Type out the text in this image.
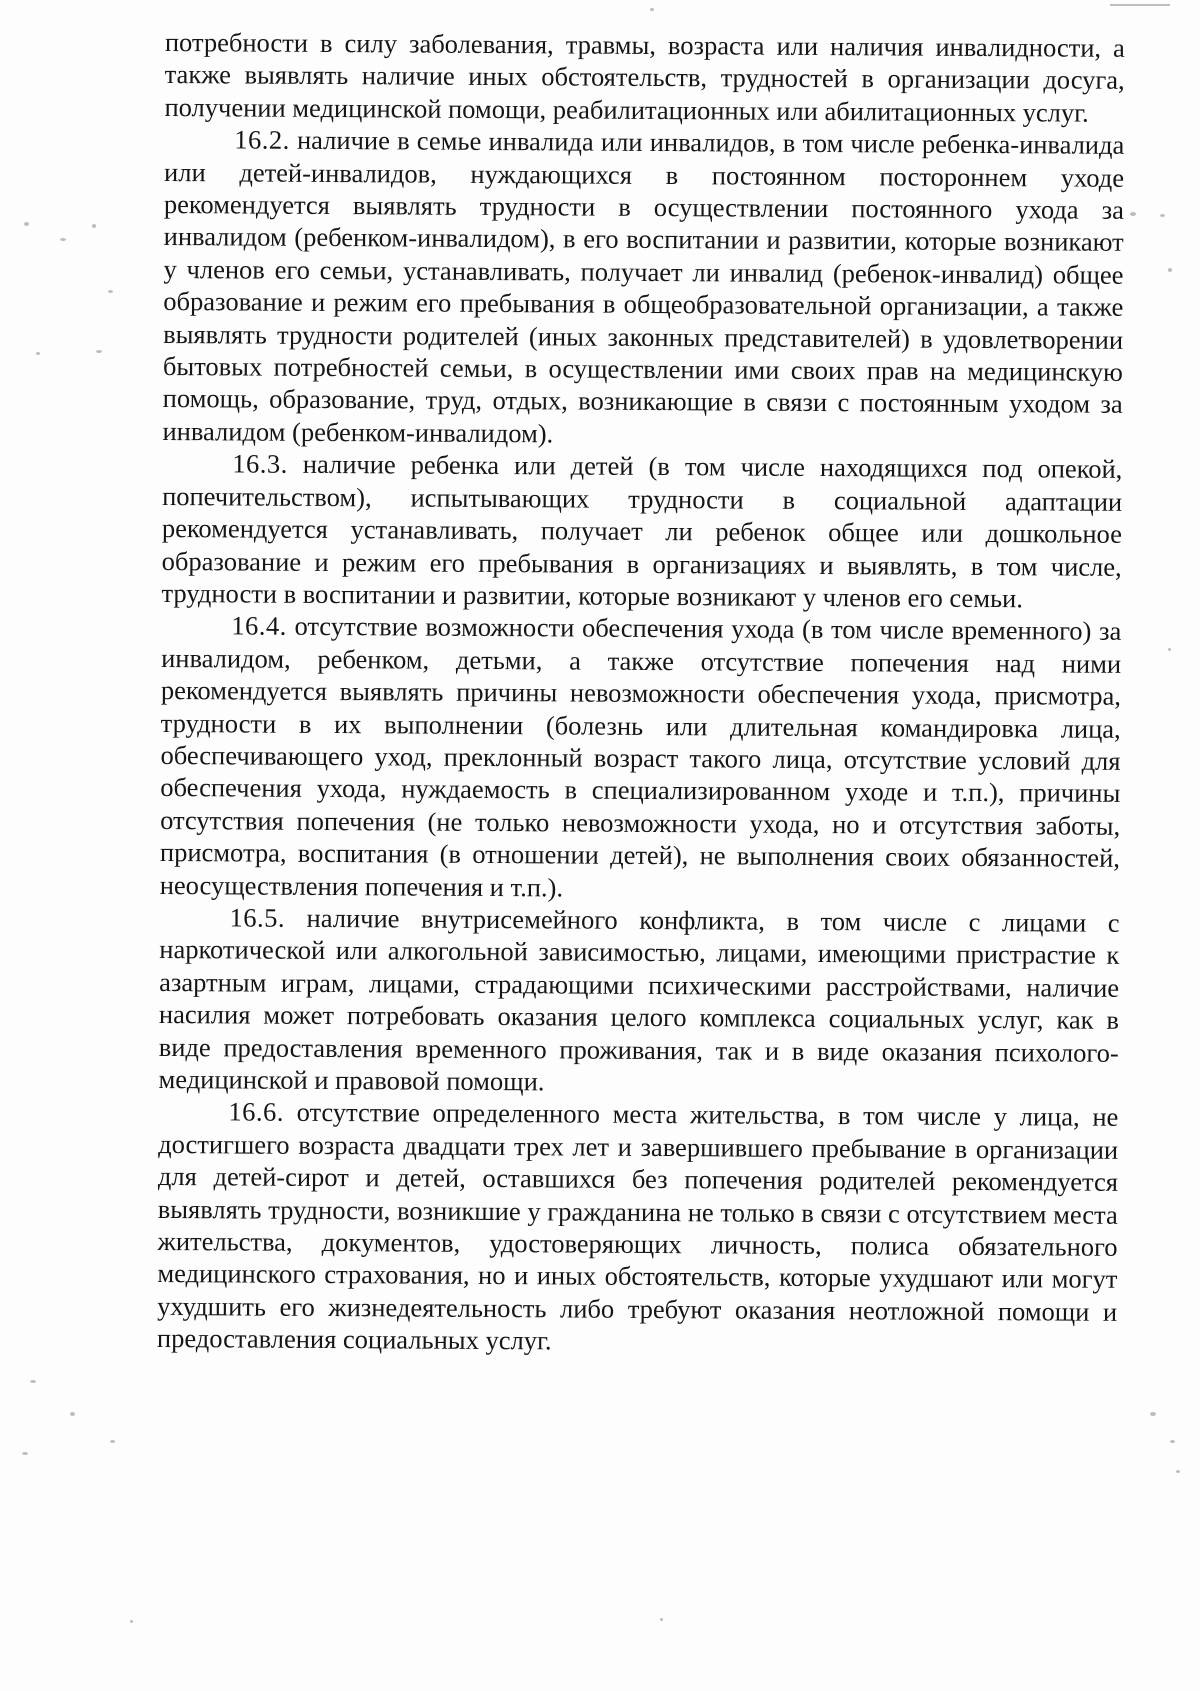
потребности в силу заболевания, травмы, возраста или наличия инвалидности, а также выявлять наличие иных обстоятельств, трудностей в организации досуга, получении медицинской помощи, реабилитационных или абилитационных услуг.

16.2. наличие в семье инвалида или инвалидов, в том числе ребенка-инвалида или детей-инвалидов, нуждающихся в постоянном постороннем уходе рекомендуется выявлять трудности в осуществлении постоянного ухода за инвалидом (ребенком-инвалидом), в его воспитании и развитии, которые возникают у членов его семьи, устанавливать, получает ли инвалид (ребенок-инвалид) общее образование и режим его пребывания в общеобразовательной организации, а также выявлять трудности родителей (иных законных представителей) в удовлетворении бытовых потребностей семьи, в осуществлении ими своих прав на медицинскую помощь, образование, труд, отдых, возникающие в связи с постоянным уходом за инвалидом (ребенком-инвалидом).

16.3. наличие ребенка или детей (в том числе находящихся под опекой, попечительством), испытывающих трудности в социальной адаптации рекомендуется устанавливать, получает ли ребенок общее или дошкольное образование и режим его пребывания в организациях и выявлять, в том числе, трудности в воспитании и развитии, которые возникают у членов его семьи.

16.4. отсутствие возможности обеспечения ухода (в том числе временного) за инвалидом, ребенком, детьми, а также отсутствие попечения над ними рекомендуется выявлять причины невозможности обеспечения ухода, присмотра, трудности в их выполнении (болезнь или длительная командировка лица, обеспечивающего уход, преклонный возраст такого лица, отсутствие условий для обеспечения ухода, нуждаемость в специализированном уходе и т.п.), причины отсутствия попечения (не только невозможности ухода, но и отсутствия заботы, присмотра, воспитания (в отношении детей), не выполнения своих обязанностей, неосуществления попечения и т.п.).

16.5. наличие внутрисемейного конфликта, в том числе с лицами с наркотической или алкогольной зависимостью, лицами, имеющими пристрастие к азартным играм, лицами, страдающими психическими расстройствами, наличие насилия может потребовать оказания целого комплекса социальных услуг, как в виде предоставления временного проживания, так и в виде оказания психолого-медицинской и правовой помощи.

16.6. отсутствие определенного места жительства, в том числе у лица, не достигшего возраста двадцати трех лет и завершившего пребывание в организации для детей-сирот и детей, оставшихся без попечения родителей рекомендуется выявлять трудности, возникшие у гражданина не только в связи с отсутствием места жительства, документов, удостоверяющих личность, полиса обязательного медицинского страхования, но и иных обстоятельств, которые ухудшают или могут ухудшить его жизнедеятельность либо требуют оказания неотложной помощи и предоставления социальных услуг.
